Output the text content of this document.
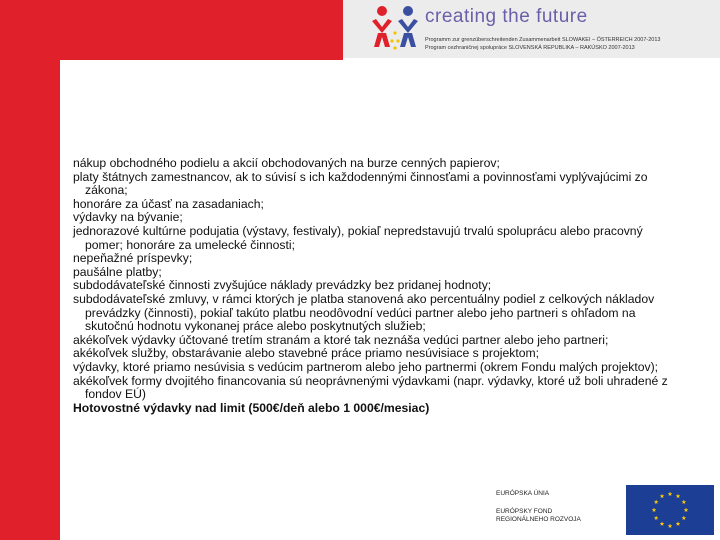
creating the future
Programm zur grenzüberschreitenden Zusammenarbeit SLOWAKEI – ÖSTERREICH 2007-2013
Program cezhraničnej spolupráce SLOVENSKÁ REPUBLIKA – RAKÚSKO 2007-2013
nákup obchodného podielu a akcií obchodovaných na burze cenných papierov;
platy štátnych zamestnancov, ak to súvisí s ich každodennými činnosťami a povinnosťami vyplývajúcimi zo zákona;
honoráre za účasť na zasadaniach;
výdavky na bývanie;
jednorazové kultúrne podujatia (výstavy, festivaly), pokiaľ nepredstavujú trvalú spoluprácu alebo pracovný pomer; honoráre za umelecké činnosti;
nepeňažné príspevky;
paušálne platby;
subdodávateľské činnosti zvyšujúce náklady prevádzky bez pridanej hodnoty;
subdodávateľské zmluvy, v rámci ktorých je platba stanovená ako percentuálny podiel z celkových nákladov prevádzky (činnosti), pokiaľ takúto platbu neodôvodní vedúci partner alebo jeho partneri s ohľadom na skutočnú hodnotu vykonanej práce alebo poskytnutých služieb;
akékoľvek výdavky účtované tretím stranám a ktoré tak neznáša vedúci partner alebo jeho partneri;
akékoľvek služby, obstarávanie alebo stavebné práce priamo nesúvisiace s projektom;
výdavky, ktoré priamo nesúvisia s vedúcim partnerom alebo jeho partnermi (okrem Fondu malých projektov);
akékoľvek formy dvojitého financovania sú neoprávnenými výdavkami (napr. výdavky, ktoré už boli uhradené z fondov EÚ)
Hotovostné výdavky nad limit (500€/deň alebo 1 000€/mesiac)
EURÓPSKA ÚNIA
EURÓPSKY FOND
REGIONÁLNEHO ROZVOJA
